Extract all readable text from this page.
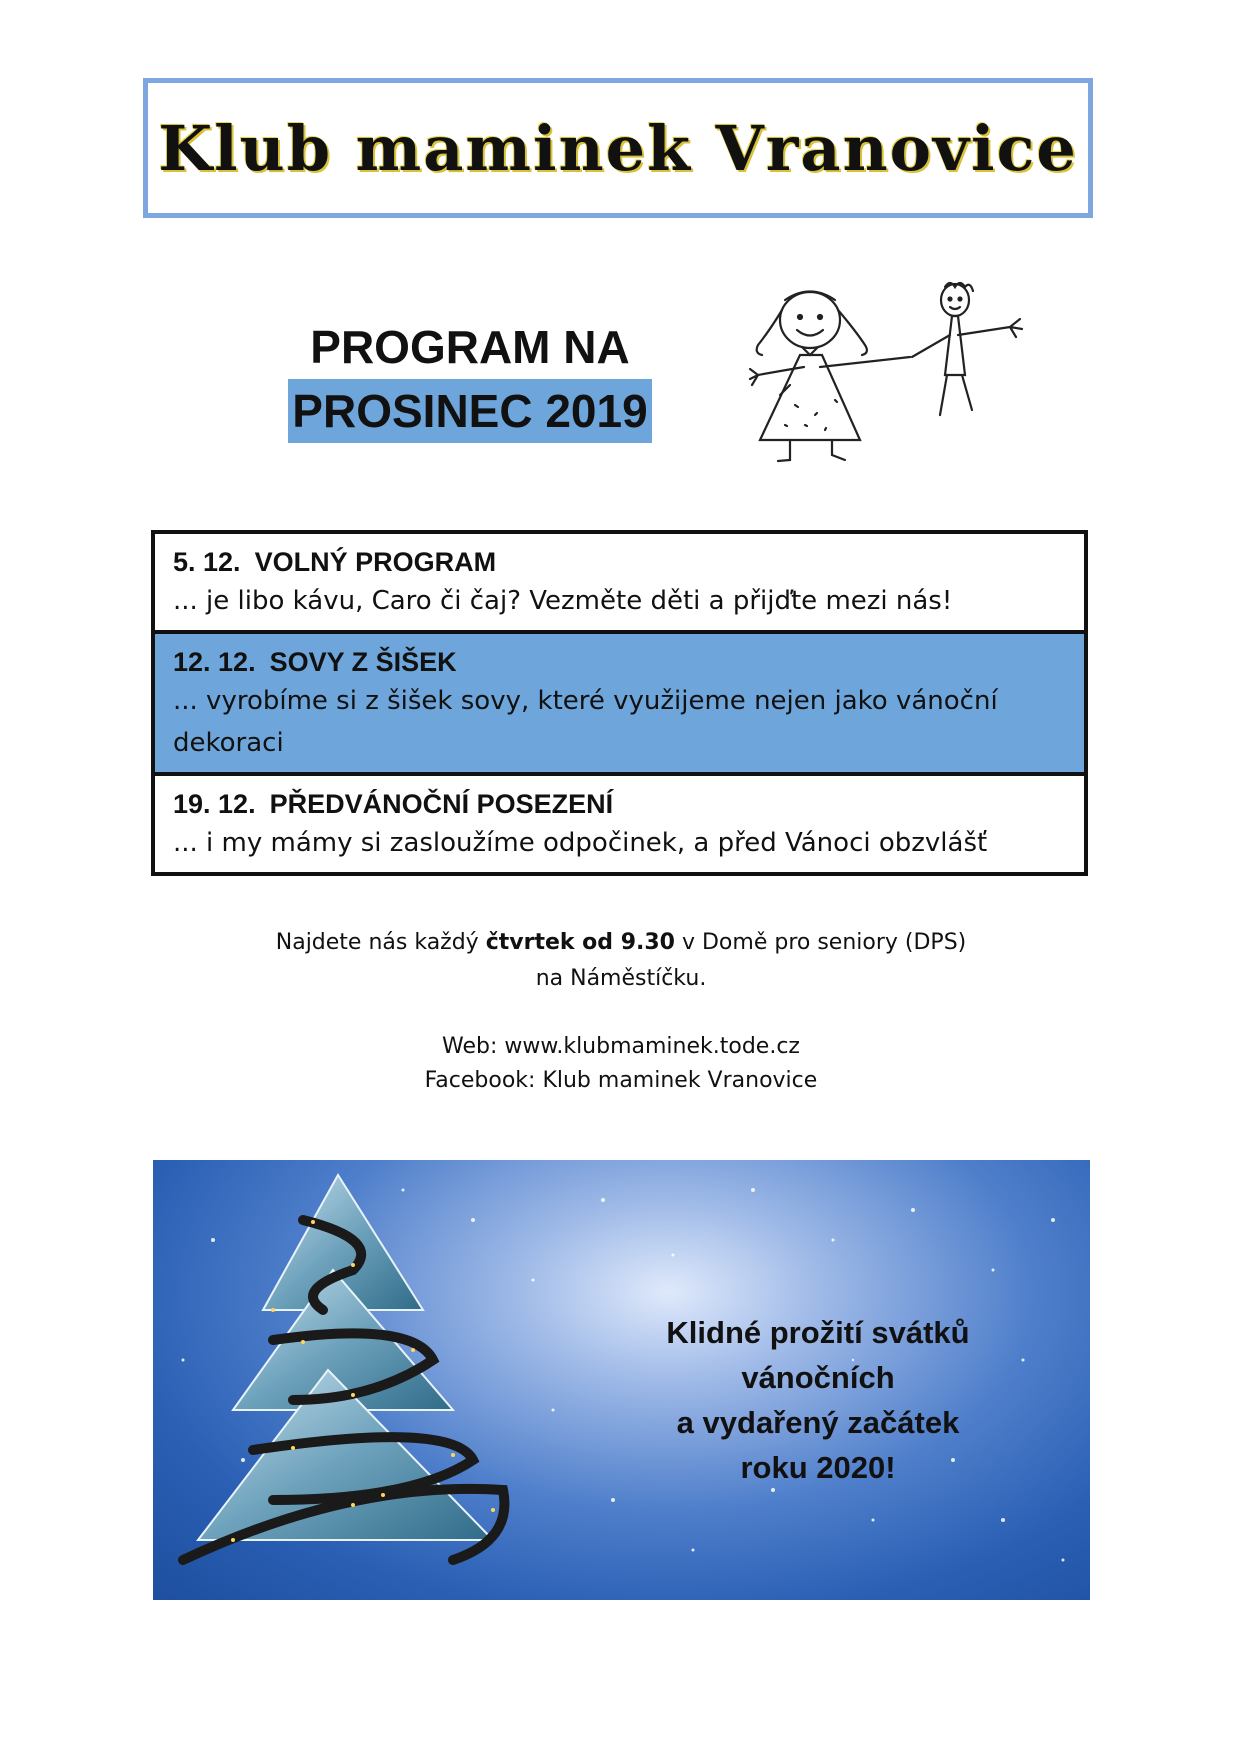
Klub maminek Vranovice
PROGRAM NA
PROSINEC 2019
5. 12. VOLNÝ PROGRAM
... je libo kávu, Caro či čaj? Vezměte děti a přijďte mezi nás!
12. 12. SOVY Z ŠIŠEK
... vyrobíme si z šišek sovy, které využijeme nejen jako vánoční dekoraci
19. 12. PŘEDVÁNOČNÍ POSEZENÍ
... i my mámy si zasloužíme odpočinek, a před Vánoci obzvlášť
Najdete nás každý čtvrtek od 9.30 v Domě pro seniory (DPS)
na Náměstíčku.
Web: www.klubmaminek.tode.cz
Facebook: Klub maminek Vranovice
Klidné prožití svátků vánočních
a vydařený začátek
roku 2020!
